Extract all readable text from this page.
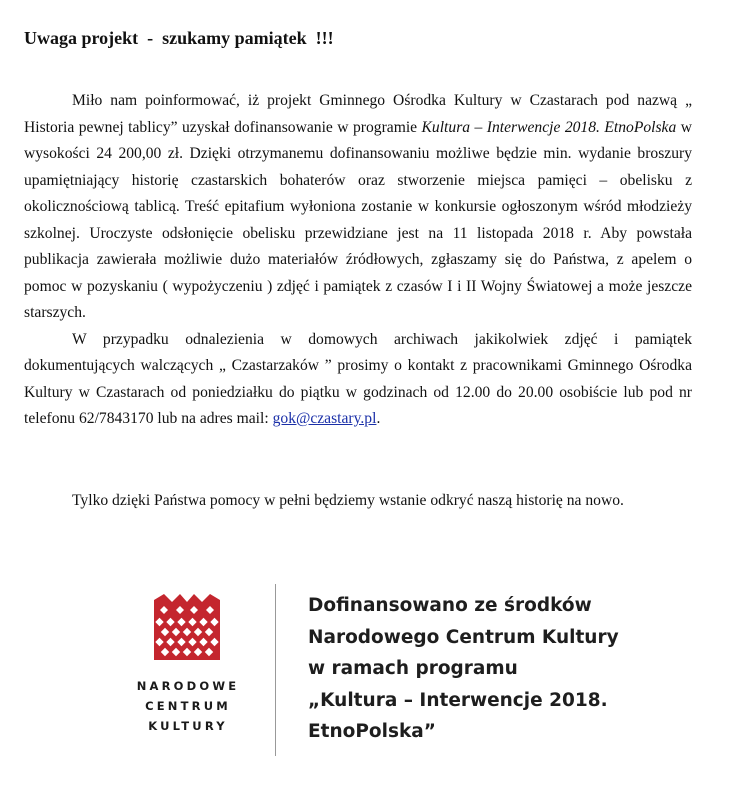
Uwaga projekt  -  szukamy pamiątek  !!!

Miło nam poinformować, iż projekt Gminnego Ośrodka Kultury w Czastarach pod nazwą „ Historia pewnej tablicy” uzyskał dofinansowanie w programie Kultura – Interwencje 2018. EtnoPolska w wysokości 24 200,00 zł. Dzięki otrzymanemu dofinansowaniu możliwe będzie min. wydanie broszury upamiętniający historię czastarskich bohaterów oraz stworzenie miejsca pamięci – obelisku z okolicznościową tablicą. Treść epitafium wyłoniona zostanie w konkursie ogłoszonym wśród młodzieży szkolnej. Uroczyste odsłonięcie obelisku przewidziane jest na 11 listopada 2018 r. Aby powstała publikacja zawierała możliwie dużo materiałów źródłowych, zgłaszamy się do Państwa, z apelem o pomoc w pozyskaniu ( wypożyczeniu ) zdjęć i pamiątek z czasów I i II Wojny Światowej a może jeszcze starszych.

W przypadku odnalezienia w domowych archiwach jakikolwiek zdjęć i pamiątek dokumentujących walczących „ Czastarzaków ” prosimy o kontakt z pracownikami Gminnego Ośrodka Kultury w Czastarach od poniedziałku do piątku w godzinach od 12.00 do 20.00 osobiście lub pod nr telefonu 62/7843170 lub na adres mail: gok@czastary.pl.

Tylko dzięki Państwa pomocy w pełni będziemy wstanie odkryć naszą historię na nowo.

NARODOWE
CENTRUM
KULTURY
Dofinansowano ze środków
Narodowego Centrum Kultury
w ramach programu
„Kultura – Interwencje 2018.
EtnoPolska”
